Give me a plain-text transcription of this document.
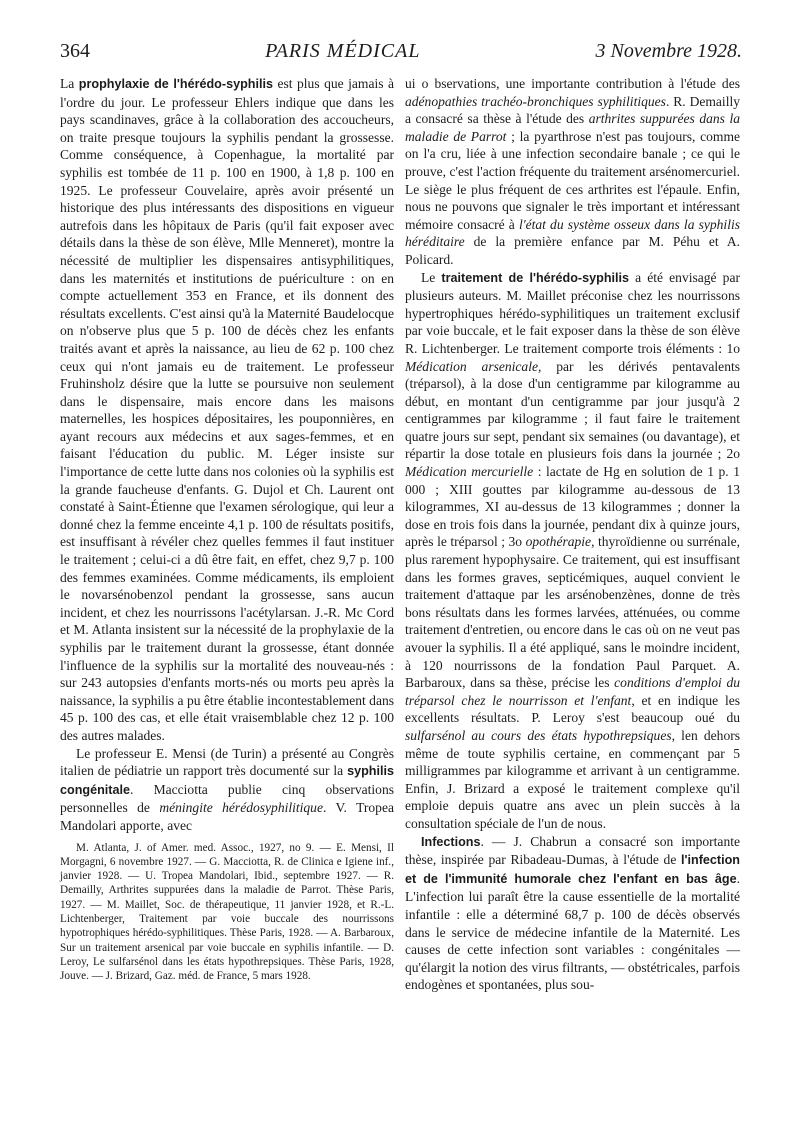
364	PARIS MÉDICAL	3 Novembre 1928.

La prophylaxie de l'hérédo-syphilis est plus que jamais à l'ordre du jour. Le professeur Ehlers indique que dans les pays scandinaves, grâce à la collaboration des accoucheurs, on traite presque toujours la syphilis pendant la grossesse. Comme conséquence, à Copenhague, la mortalité par syphilis est tombée de 11 p. 100 en 1900, à 1,8 p. 100 en 1925. Le professeur Couvelaire, après avoir présenté un historique des plus intéressants des dispositions en vigueur autrefois dans les hôpitaux de Paris (qu'il fait exposer avec détails dans la thèse de son élève, Mlle Menneret), montre la nécessité de multiplier les dispensaires antisyphilitiques, dans les maternités et institutions de puériculture : on en compte actuellement 353 en France, et ils donnent des résultats excellents. C'est ainsi qu'à la Maternité Baudelocque on n'observe plus que 5 p. 100 de décès chez les enfants traités avant et après la naissance, au lieu de 62 p. 100 chez ceux qui n'ont jamais eu de traitement. Le professeur Fruhinsholz désire que la lutte se poursuive non seulement dans le dispensaire, mais encore dans les maisons maternelles, les hospices dépositaires, les pouponnières, en ayant recours aux médecins et aux sages-femmes, et en faisant l'éducation du public. M. Léger insiste sur l'importance de cette lutte dans nos colonies où la syphilis est la grande faucheuse d'enfants. G. Dujol et Ch. Laurent ont constaté à Saint-Étienne que l'examen sérologique, qui leur a donné chez la femme enceinte 4,1 p. 100 de résultats positifs, est insuffisant à révéler chez quelles femmes il faut instituer le traitement ; celui-ci a dû être fait, en effet, chez 9,7 p. 100 des femmes examinées. Comme médicaments, ils emploient le novarsénobenzol pendant la grossesse, sans aucun incident, et chez les nourrissons l'acétylarsan. J.-R. Mc Cord et M. Atlanta insistent sur la nécessité de la prophylaxie de la syphilis par le traitement durant la grossesse, étant donnée l'influence de la syphilis sur la mortalité des nouveau-nés : sur 243 autopsies d'enfants morts-nés ou morts peu après la naissance, la syphilis a pu être établie incontestablement dans 45 p. 100 des cas, et elle était vraisemblable chez 12 p. 100 des autres malades.

Le professeur E. Mensi (de Turin) a présenté au Congrès italien de pédiatrie un rapport très documenté sur la syphilis congénitale. Macciotta publie cinq observations personnelles de méningite hérédosyphilitique. V. Tropea Mandolari apporte, avec

M. Atlanta, J. of Amer. med. Assoc., 1927, no 9. — E. Mensi, Il Morgagni, 6 novembre 1927. — G. Macciotta, R. de Clinica e Igiene inf., janvier 1928. — U. Tropea Mandolari, Ibid., septembre 1927. — R. Demailly, Arthrites suppurées dans la maladie de Parrot. Thèse Paris, 1927. — M. Maillet, Soc. de thérapeutique, 11 janvier 1928, et R.-L. Lichtenberger, Traitement par voie buccale des nourrissons hypotrophiques hérédo-syphilitiques. Thèse Paris, 1928. — A. Barbaroux, Sur un traitement arsenical par voie buccale en syphilis infantile. — D. Leroy, Le sulfarsénol dans les états hypothrepsiques. Thèse Paris, 1928, Jouve. — J. Brizard, Gaz. méd. de France, 5 mars 1928.

ui o bservations, une importante contribution à l'étude des adénopathies trachéo-bronchiques syphilitiques. R. Demailly a consacré sa thèse à l'étude des arthrites suppurées dans la maladie de Parrot ; la pyarthrose n'est pas toujours, comme on l'a cru, liée à une infection secondaire banale ; ce qui le prouve, c'est l'action fréquente du traitement arsénomercuriel. Le siège le plus fréquent de ces arthrites est l'épaule. Enfin, nous ne pouvons que signaler le très important et intéressant mémoire consacré à l'état du système osseux dans la syphilis héréditaire de la première enfance par M. Péhu et A. Policard.

Le traitement de l'hérédo-syphilis a été envisagé par plusieurs auteurs. M. Maillet préconise chez les nourrissons hypertrophiques hérédo-syphilitiques un traitement exclusif par voie buccale, et le fait exposer dans la thèse de son élève R. Lichtenberger. Le traitement comporte trois éléments : 1o Médication arsenicale, par les dérivés pentavalents (tréparsol), à la dose d'un centigramme par kilogramme au début, en montant d'un centigramme par jour jusqu'à 2 centigrammes par kilogramme ; il faut faire le traitement quatre jours sur sept, pendant six semaines (ou davantage), et répartir la dose totale en plusieurs fois dans la journée ; 2o Médication mercurielle : lactate de Hg en solution de 1 p. 1 000 ; XIII gouttes par kilogramme au-dessous de 13 kilogrammes, XI au-dessus de 13 kilogrammes ; donner la dose en trois fois dans la journée, pendant dix à quinze jours, après le tréparsol ; 3o opothérapie, thyroïdienne ou surrénale, plus rarement hypophysaire. Ce traitement, qui est insuffisant dans les formes graves, septicémiques, auquel convient le traitement d'attaque par les arsénobenzènes, donne de très bons résultats dans les formes larvées, atténuées, ou comme traitement d'entretien, ou encore dans le cas où on ne veut pas avouer la syphilis. Il a été appliqué, sans le moindre incident, à 120 nourrissons de la fondation Paul Parquet. A. Barbaroux, dans sa thèse, précise les conditions d'emploi du tréparsol chez le nourrisson et l'enfant, et en indique les excellents résultats. P. Leroy s'est beaucoup oué du sulfarsénol au cours des états hypothrepsiques, len dehors même de toute syphilis certaine, en commençant par 5 milligrammes par kilogramme et arrivant à un centigramme. Enfin, J. Brizard a exposé le traitement complexe qu'il emploie depuis quatre ans avec un plein succès à la consultation spéciale de l'un de nous.

Infections. — J. Chabrun a consacré son importante thèse, inspirée par Ribadeau-Dumas, à l'étude de l'infection et de l'immunité humorale chez l'enfant en bas âge. L'infection lui paraît être la cause essentielle de la mortalité infantile : elle a déterminé 68,7 p. 100 de décès observés dans le service de médecine infantile de la Maternité. Les causes de cette infection sont variables : congénitales — qu'élargit la notion des virus filtrants, — obstétricales, parfois endogènes et spontanées, plus sou-
